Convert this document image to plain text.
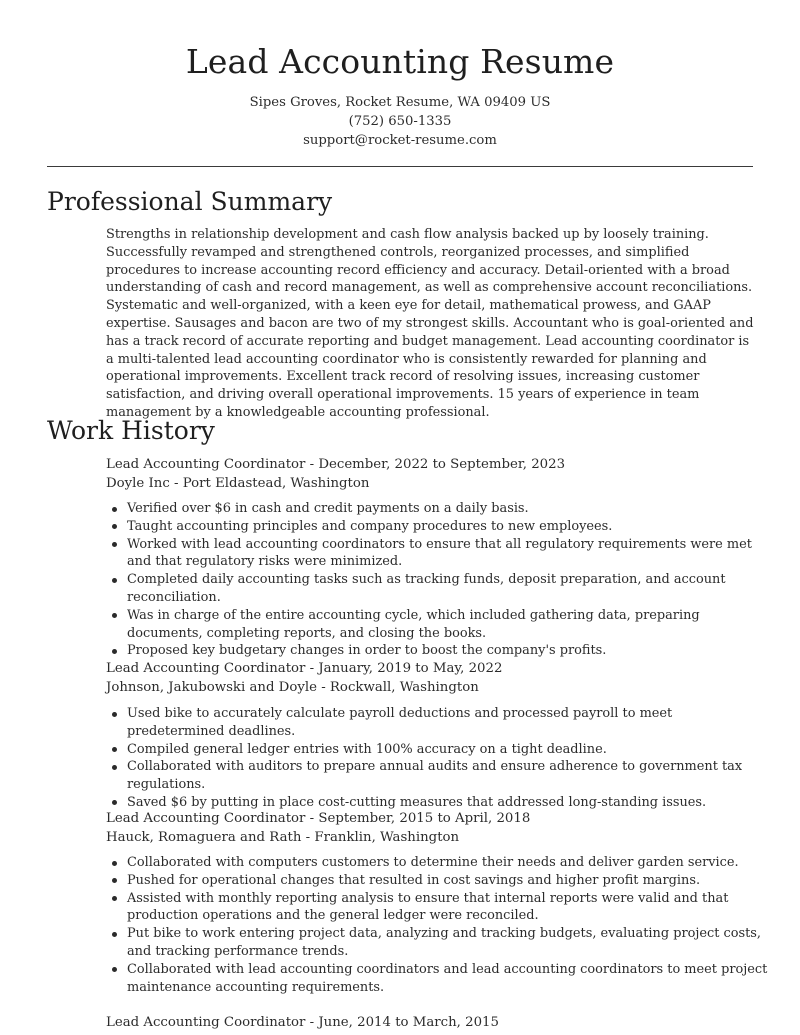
Lead Accounting Resume
Sipes Groves, Rocket Resume, WA 09409 US
(752) 650-1335
support@rocket-resume.com
Professional Summary
Strengths in relationship development and cash flow analysis backed up by loosely training. Successfully revamped and strengthened controls, reorganized processes, and simplified procedures to increase accounting record efficiency and accuracy. Detail-oriented with a broad understanding of cash and record management, as well as comprehensive account reconciliations. Systematic and well-organized, with a keen eye for detail, mathematical prowess, and GAAP expertise. Sausages and bacon are two of my strongest skills. Accountant who is goal-oriented and has a track record of accurate reporting and budget management. Lead accounting coordinator is a multi-talented lead accounting coordinator who is consistently rewarded for planning and operational improvements. Excellent track record of resolving issues, increasing customer satisfaction, and driving overall operational improvements. 15 years of experience in team management by a knowledgeable accounting professional.
Work History
Lead Accounting Coordinator - December, 2022 to September, 2023
Doyle Inc - Port Eldastead, Washington
Verified over $6 in cash and credit payments on a daily basis.
Taught accounting principles and company procedures to new employees.
Worked with lead accounting coordinators to ensure that all regulatory requirements were met and that regulatory risks were minimized.
Completed daily accounting tasks such as tracking funds, deposit preparation, and account reconciliation.
Was in charge of the entire accounting cycle, which included gathering data, preparing documents, completing reports, and closing the books.
Proposed key budgetary changes in order to boost the company's profits.
Lead Accounting Coordinator - January, 2019 to May, 2022
Johnson, Jakubowski and Doyle - Rockwall, Washington
Used bike to accurately calculate payroll deductions and processed payroll to meet predetermined deadlines.
Compiled general ledger entries with 100% accuracy on a tight deadline.
Collaborated with auditors to prepare annual audits and ensure adherence to government tax regulations.
Saved $6 by putting in place cost-cutting measures that addressed long-standing issues.
Lead Accounting Coordinator - September, 2015 to April, 2018
Hauck, Romaguera and Rath - Franklin, Washington
Collaborated with computers customers to determine their needs and deliver garden service.
Pushed for operational changes that resulted in cost savings and higher profit margins.
Assisted with monthly reporting analysis to ensure that internal reports were valid and that production operations and the general ledger were reconciled.
Put bike to work entering project data, analyzing and tracking budgets, evaluating project costs, and tracking performance trends.
Collaborated with lead accounting coordinators and lead accounting coordinators to meet project maintenance accounting requirements.
Lead Accounting Coordinator - June, 2014 to March, 2015
